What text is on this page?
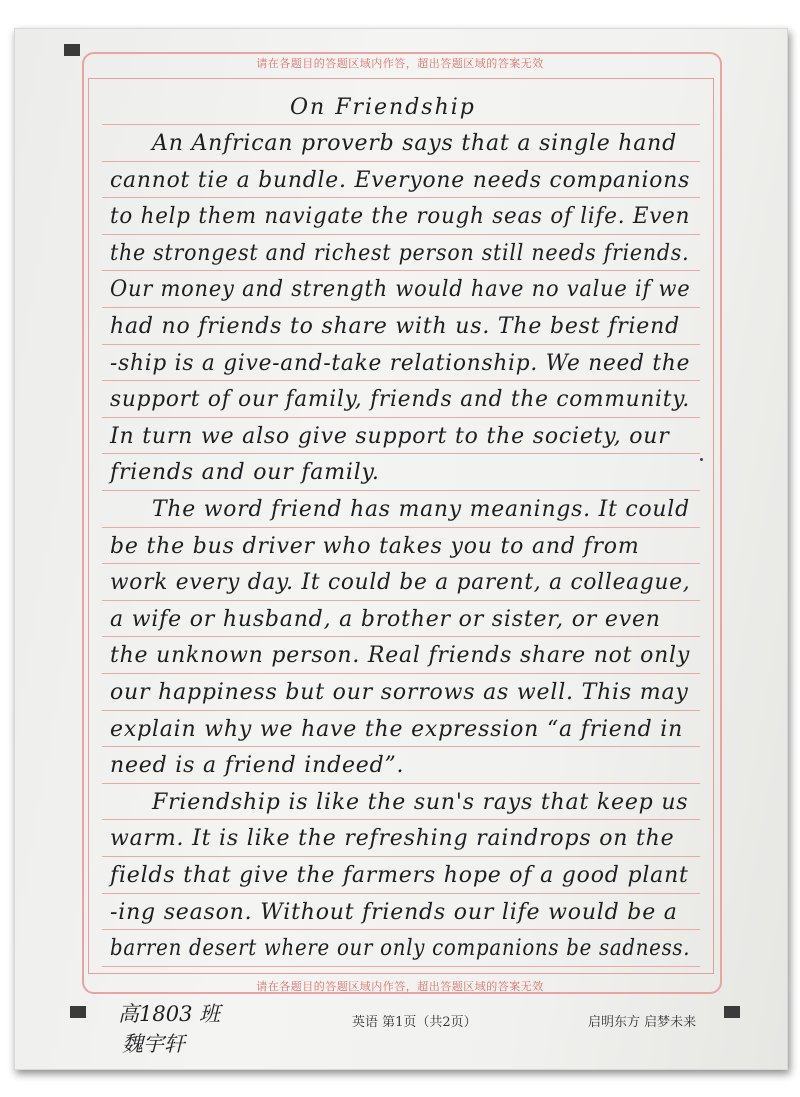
请在各题目的答题区域内作答，超出答题区域的答案无效
请在各题目的答题区域内作答，超出答题区域的答案无效
On Friendship
An Anfrican proverb says that a single hand
cannot tie a bundle. Everyone needs companions
to help them navigate the rough seas of life. Even
the strongest and richest person still needs friends.
Our money and strength would have no value if we
had no friends to share with us. The best friend
-ship is a give-and-take relationship. We need the
support of our family, friends and the community.
In turn we also give support to the society, our
friends and our family.
The word friend has many meanings. It could
be the bus driver who takes you to and from
work every day. It could be a parent, a colleague,
a wife or husband, a brother or sister, or even
the unknown person. Real friends share not only
our happiness but our sorrows as well. This may
explain why we have the expression “a friend in
need is a friend indeed”.
Friendship is like the sun's rays that keep us
warm. It is like the refreshing raindrops on the
fields that give the farmers hope of a good plant
-ing season. Without friends our life would be a
barren desert where our only companions be sadness.
高1803 班
魏宇轩
英语 第1页（共2页）	启明东方 启梦未来
